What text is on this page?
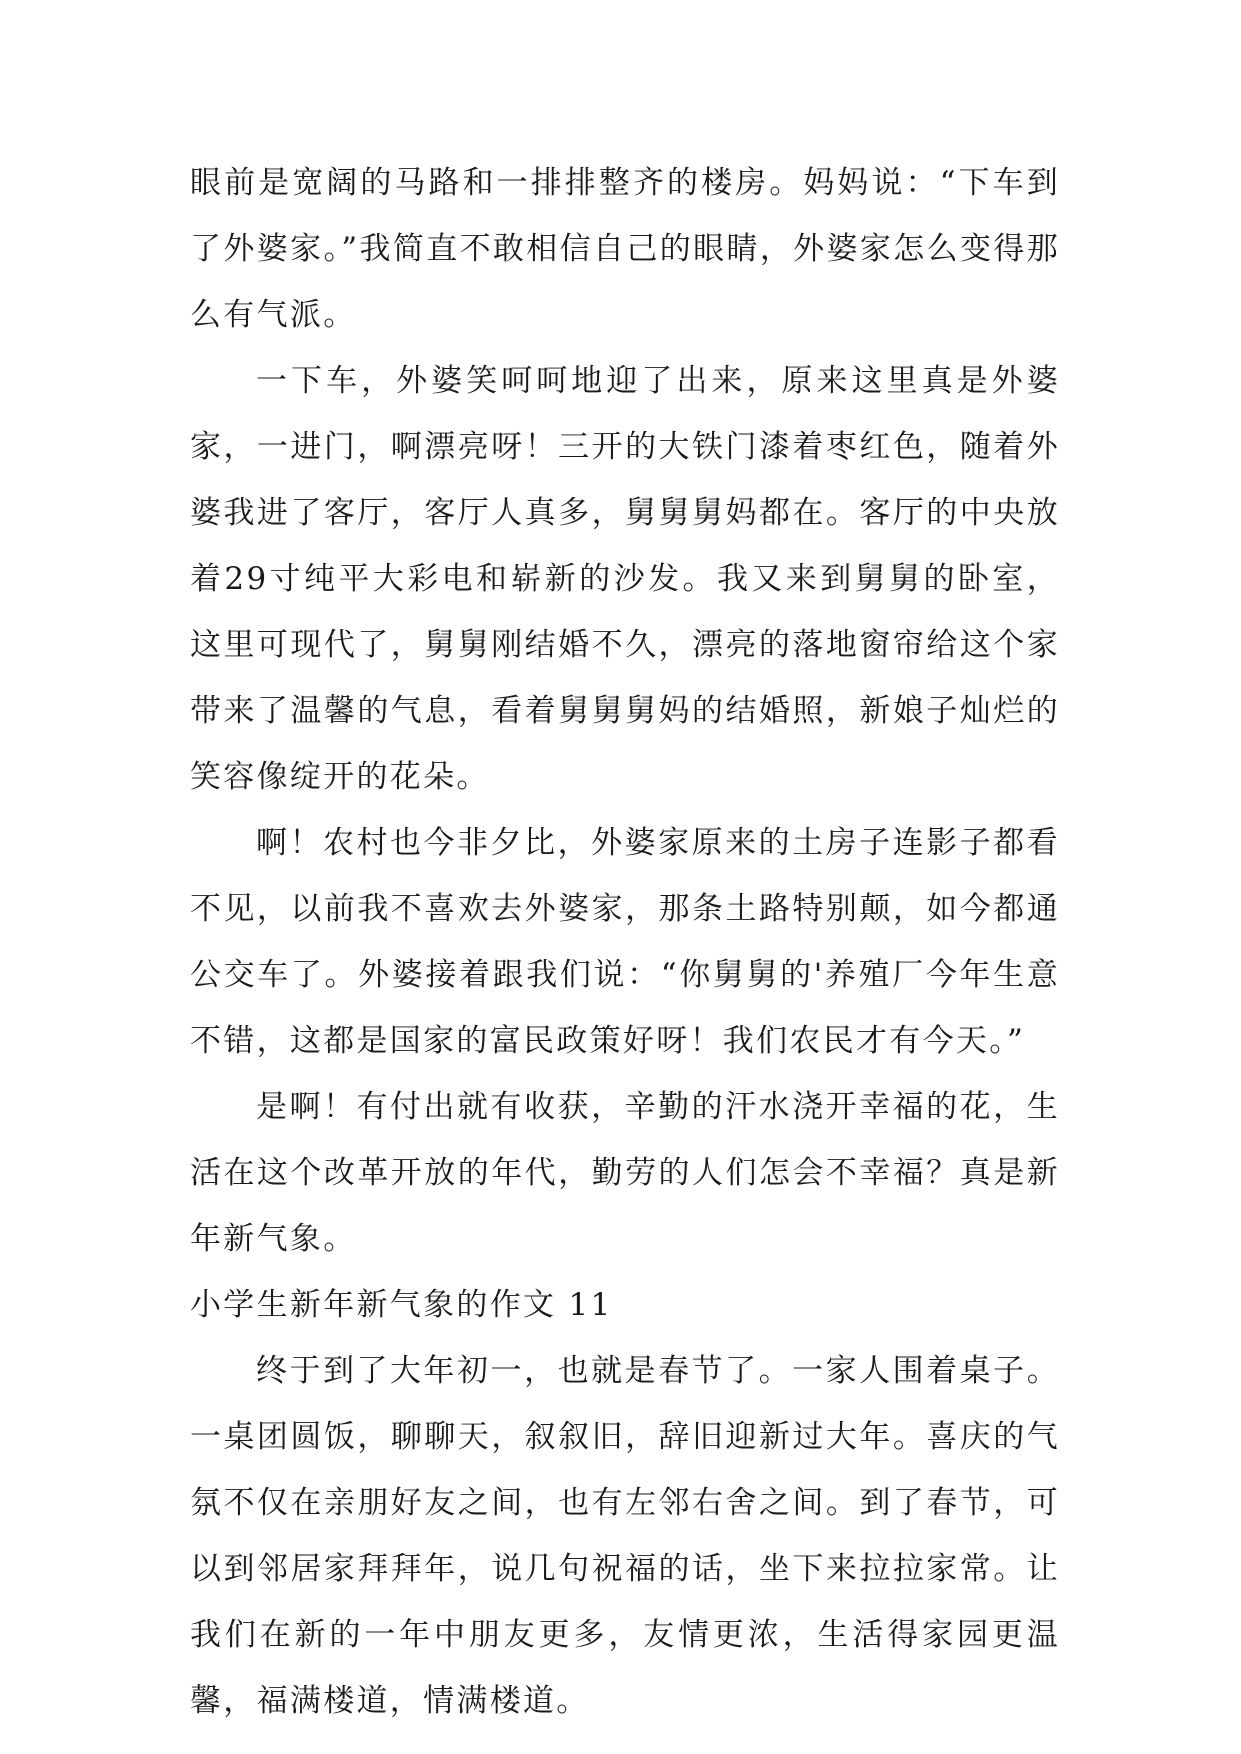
眼前是宽阔的马路和一排排整齐的楼房。妈妈说：“下车到了外婆家。”我简直不敢相信自己的眼睛，外婆家怎么变得那么有气派。

一下车，外婆笑呵呵地迎了出来，原来这里真是外婆家，一进门，啊漂亮呀！三开的大铁门漆着枣红色，随着外婆我进了客厅，客厅人真多，舅舅舅妈都在。客厅的中央放着29寸纯平大彩电和崭新的沙发。我又来到舅舅的卧室，这里可现代了，舅舅刚结婚不久，漂亮的落地窗帘给这个家带来了温馨的气息，看着舅舅舅妈的结婚照，新娘子灿烂的笑容像绽开的花朵。

啊！农村也今非夕比，外婆家原来的土房子连影子都看不见，以前我不喜欢去外婆家，那条土路特别颠，如今都通公交车了。外婆接着跟我们说：“你舅舅的'养殖厂今年生意不错，这都是国家的富民政策好呀！我们农民才有今天。”

是啊！有付出就有收获，辛勤的汗水浇开幸福的花，生活在这个改革开放的年代，勤劳的人们怎会不幸福？真是新年新气象。

小学生新年新气象的作文 11

终于到了大年初一，也就是春节了。一家人围着桌子。一桌团圆饭，聊聊天，叙叙旧，辞旧迎新过大年。喜庆的气氛不仅在亲朋好友之间，也有左邻右舍之间。到了春节，可以到邻居家拜拜年，说几句祝福的话，坐下来拉拉家常。让我们在新的一年中朋友更多，友情更浓，生活得家园更温馨，福满楼道，情满楼道。
